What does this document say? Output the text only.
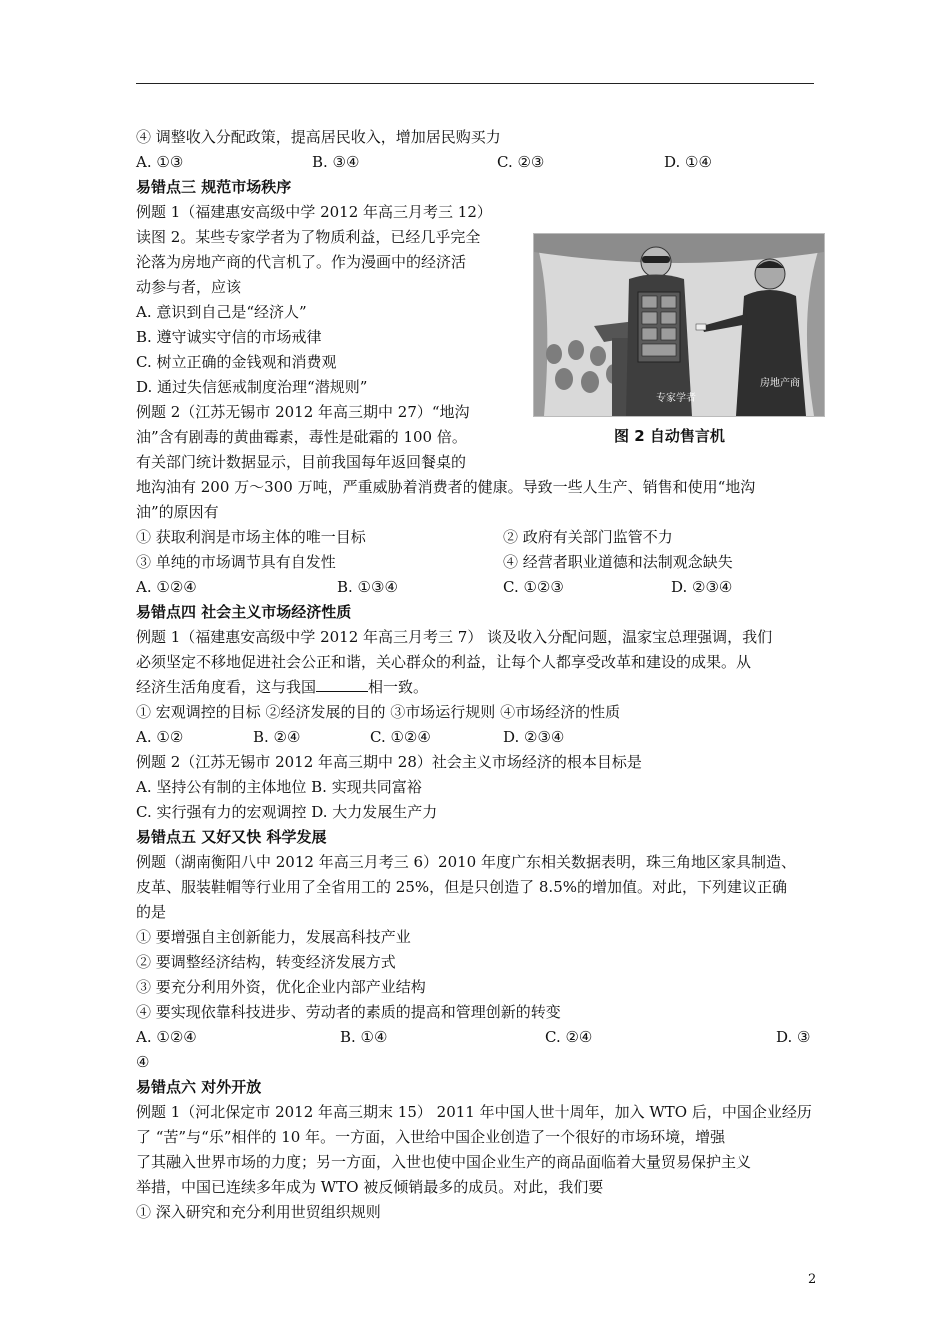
④ 调整收入分配政策，提高居民收入，增加居民购买力
A. ①③	B. ③④	C. ②③	D. ①④
易错点三 规范市场秩序
例题 1（福建惠安高级中学 2012 年高三月考三 12）
读图 2。某些专家学者为了物质利益，已经几乎完全
沦落为房地产商的代言机了。作为漫画中的经济活
动参与者，应该
A. 意识到自己是“经济人”
B. 遵守诚实守信的市场戒律
C. 树立正确的金钱观和消费观
D. 通过失信惩戒制度治理“潜规则”
例题 2（江苏无锡市 2012 年高三期中 27）“地沟
油”含有剧毒的黄曲霉素，毒性是砒霜的 100 倍。
有关部门统计数据显示，目前我国每年返回餐桌的
地沟油有 200 万～300 万吨，严重威胁着消费者的健康。导致一些人生产、销售和使用“地沟
油”的原因有
① 获取利润是市场主体的唯一目标	② 政府有关部门监管不力
③ 单纯的市场调节具有自发性	④ 经营者职业道德和法制观念缺失
A. ①②④	B. ①③④	C. ①②③	D. ②③④
易错点四 社会主义市场经济性质
例题 1（福建惠安高级中学 2012 年高三月考三 7） 谈及收入分配问题，温家宝总理强调，我们
必须坚定不移地促进社会公正和谐，关心群众的利益，让每个人都享受改革和建设的成果。从
经济生活角度看，这与我国	相一致。
① 宏观调控的目标 ②经济发展的目的 ③市场运行规则 ④市场经济的性质
A. ①②	B. ②④	C. ①②④	D. ②③④
例题 2（江苏无锡市 2012 年高三期中 28）社会主义市场经济的根本目标是
A. 坚持公有制的主体地位 B. 实现共同富裕
C. 实行强有力的宏观调控 D. 大力发展生产力
易错点五 又好又快 科学发展
例题（湖南衡阳八中 2012 年高三月考三 6）2010 年度广东相关数据表明，珠三角地区家具制造、
皮革、服装鞋帽等行业用了全省用工的 25%，但是只创造了 8.5%的增加值。对此，下列建议正确
的是
① 要增强自主创新能力，发展高科技产业
② 要调整经济结构，转变经济发展方式
③ 要充分利用外资，优化企业内部产业结构
④ 要实现依靠科技进步、劳动者的素质的提高和管理创新的转变
A. ①②④	B. ①④	C. ②④	D. ③
④
易错点六 对外开放
例题 1（河北保定市 2012 年高三期末 15） 2011 年中国人世十周年，加入 WTO 后，中国企业经历
了 “苦”与“乐”相伴的 10 年。一方面，入世给中国企业创造了一个很好的市场环境，增强
了其融入世界市场的力度；另一方面，入世也使中国企业生产的商品面临着大量贸易保护主义
举措，中国已连续多年成为 WTO 被反倾销最多的成员。对此，我们要
① 深入研究和充分利用世贸组织规则
专家学者
房地产商
图 2 自动售言机
2
